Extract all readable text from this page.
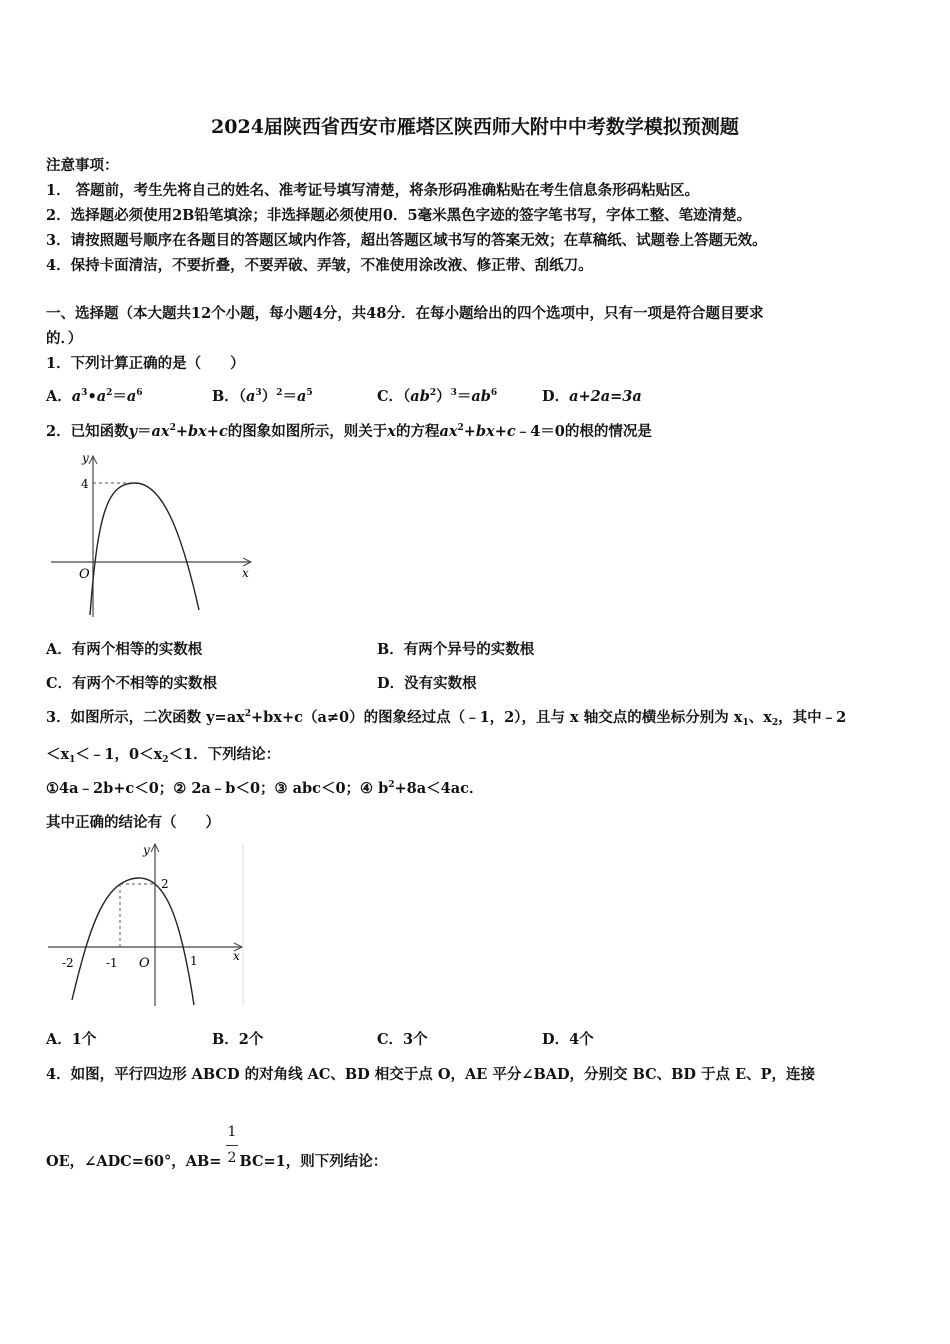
2024届陕西省西安市雁塔区陕西师大附中中考数学模拟预测题
注意事项：
1． 答题前，考生先将自己的姓名、准考证号填写清楚，将条形码准确粘贴在考生信息条形码粘贴区。
2．选择题必须使用2B铅笔填涂；非选择题必须使用0．5毫米黑色字迹的签字笔书写，字体工整、笔迹清楚。
3．请按照题号顺序在各题目的答题区域内作答，超出答题区域书写的答案无效；在草稿纸、试题卷上答题无效。
4．保持卡面清洁，不要折叠，不要弄破、弄皱，不准使用涂改液、修正带、刮纸刀。
一、选择题（本大题共12个小题，每小题4分，共48分．在每小题给出的四个选项中，只有一项是符合题目要求
的．）
1．下列计算正确的是（　　）
A．$a^3•a^2=a^6$	B．$(a^3)^2=a^5$	C．$(ab^2)^3=ab^6$	D．a+2a=3a
2．已知函数$y=ax^2+bx+c$的图象如图所示，则关于x的方程$ax^2+bx+c﹣4=0$的根的情况是
y
x
O
4
A．有两个相等的实数根	B．有两个异号的实数根
C．有两个不相等的实数根	D．没有实数根
3．如图所示，二次函数 $y=ax^2+bx+c(a\ne 0)$的图象经过点（﹣1，2），且与 x 轴交点的横坐标分别为 $x_1$、$x_2$，其中﹣2
$<x_1<﹣1$，$0<x_2<1$．下列结论：
①4a﹣2b+c＜0；② 2a﹣b＜0；③ abc＜0；④ $b^2+8a<4ac$．
其中正确的结论有（　　）
y
x
O
2
-2	-1	1
A．1个	B．2个	C．3个	D．4个
4．如图，平行四边形 ABCD 的对角线 AC、BD 相交于点 O，AE 平分∠BAD，分别交 BC、BD 于点 E、P，连接
OE，∠ADC=60°，AB= BC=1，则下列结论：
1
2
